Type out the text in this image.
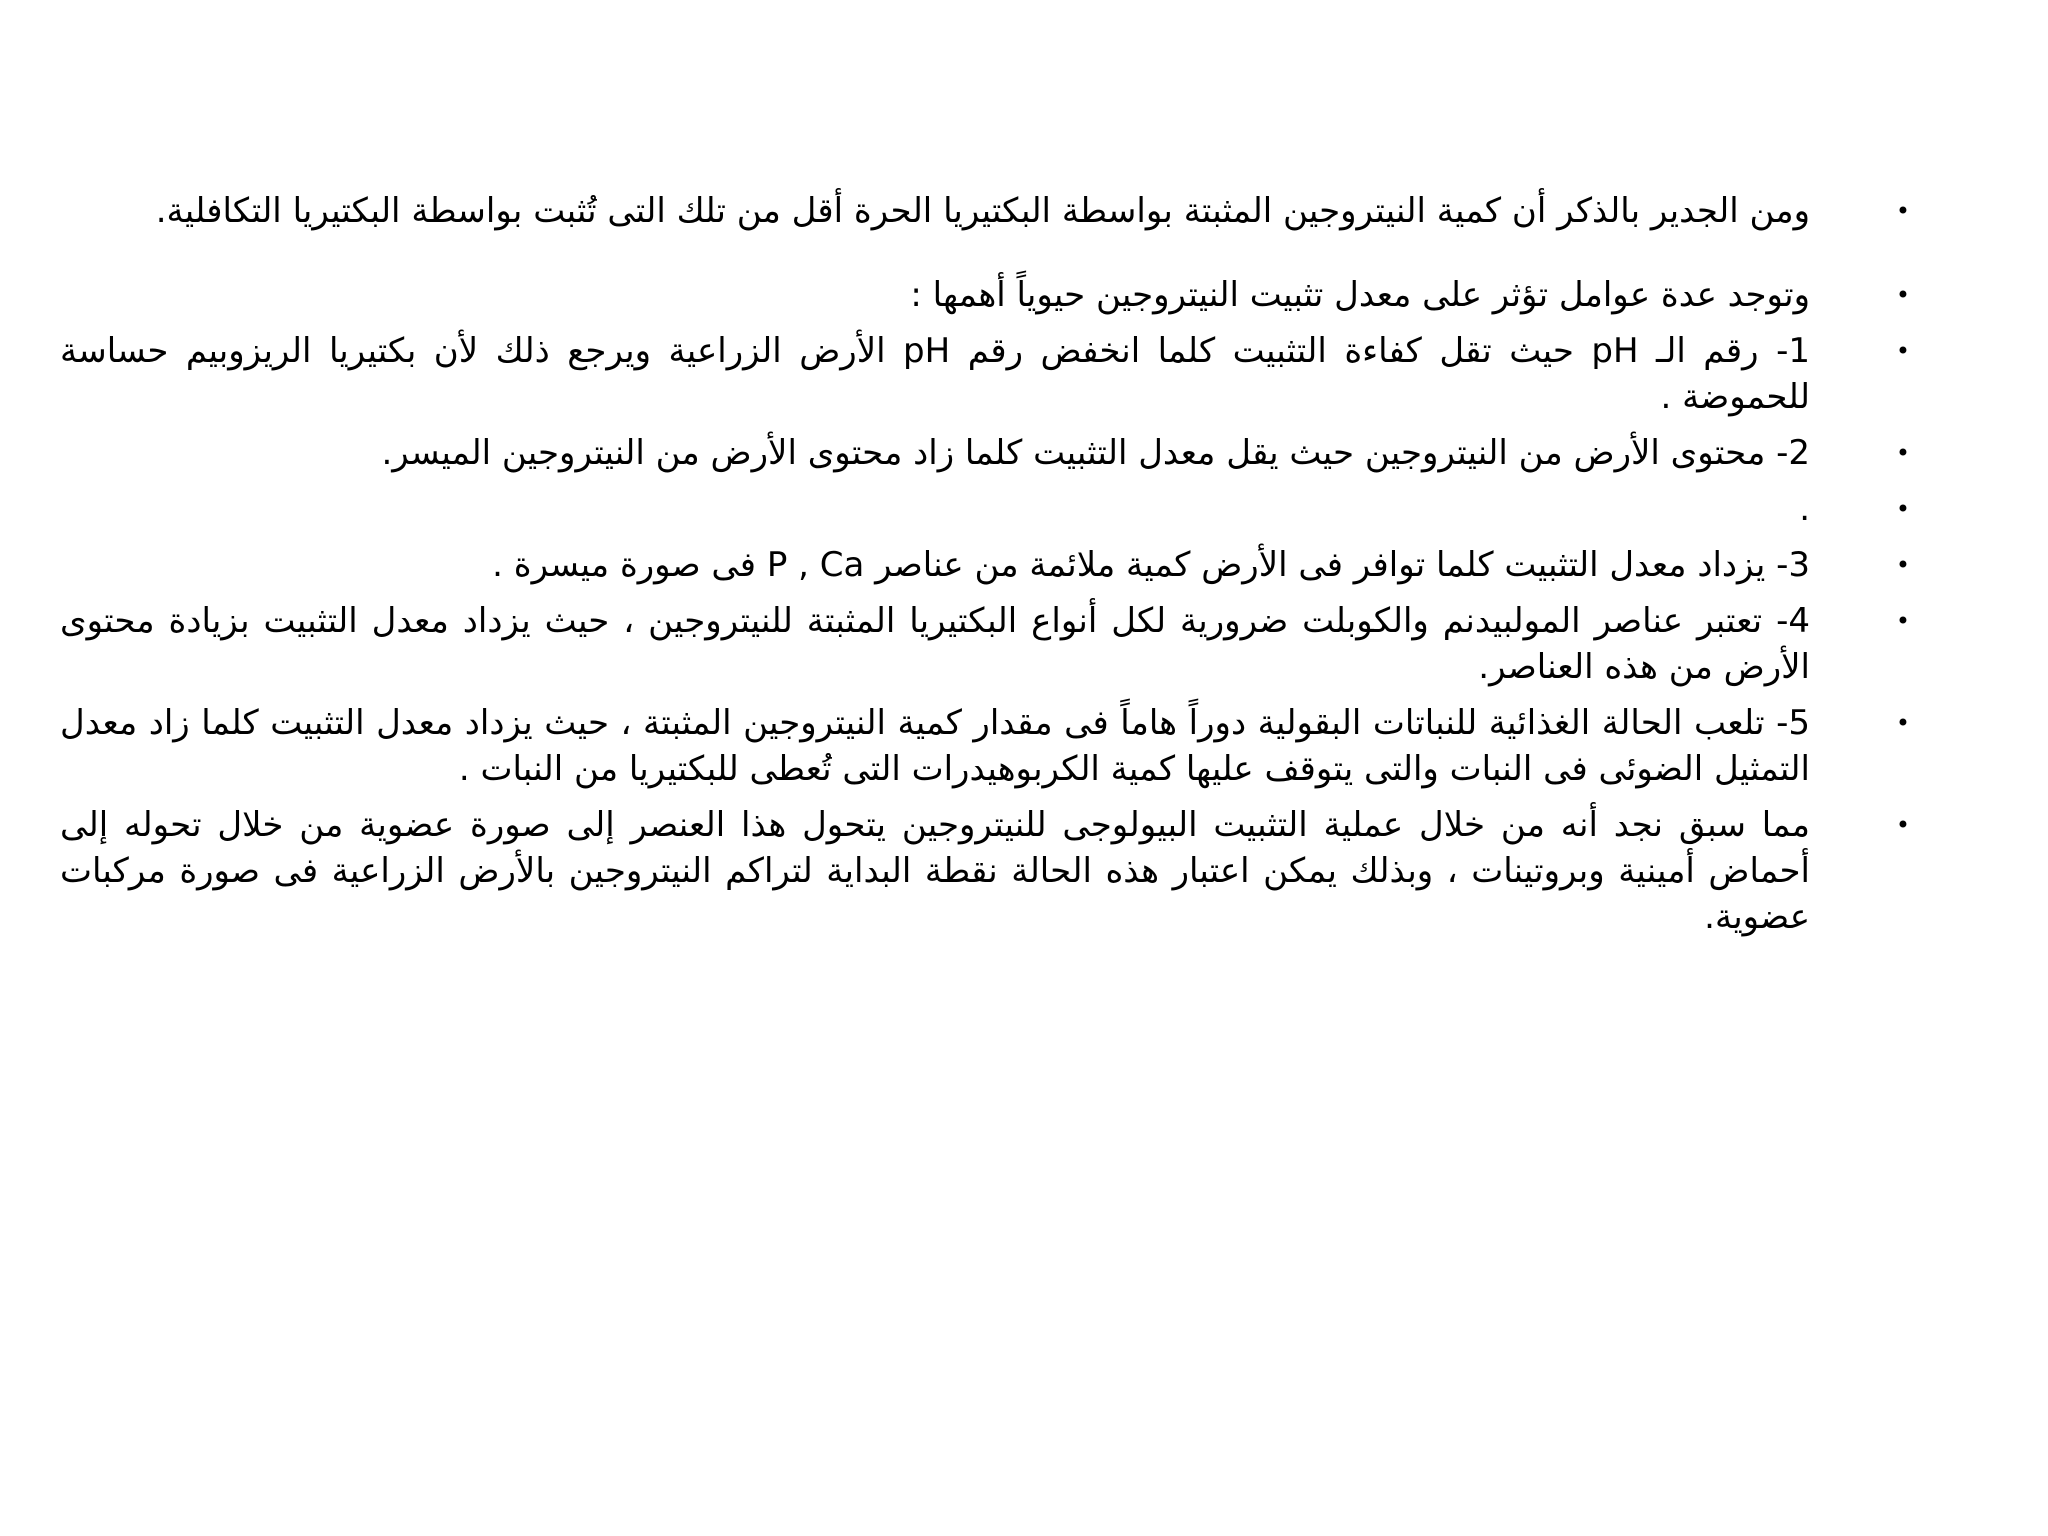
•
ومن الجدير بالذكر أن كمية النيتروجين المثبتة بواسطة البكتيريا الحرة أقل من تلك التى تُثبت بواسطة البكتيريا التكافلية.
•
وتوجد عدة عوامل تؤثر على معدل تثبيت النيتروجين حيوياً أهمها :
•
1- رقم الـ pH حيث تقل كفاءة التثبيت كلما انخفض رقم pH الأرض الزراعية ويرجع ذلك لأن بكتيريا الريزوبيم حساسة للحموضة .
•
2- محتوى الأرض من النيتروجين حيث يقل معدل التثبيت كلما زاد محتوى الأرض من النيتروجين الميسر.
•
.
•
3- يزداد معدل التثبيت كلما توافر فى الأرض كمية ملائمة من عناصر P , Ca فى صورة ميسرة .
•
4- تعتبر عناصر المولبيدنم والكوبلت ضرورية لكل أنواع البكتيريا المثبتة للنيتروجين ، حيث يزداد معدل التثبيت بزيادة محتوى الأرض من هذه العناصر.
•
5- تلعب الحالة الغذائية للنباتات البقولية دوراً هاماً فى مقدار كمية النيتروجين المثبتة ، حيث يزداد معدل التثبيت كلما زاد معدل التمثيل الضوئى فى النبات والتى يتوقف عليها كمية الكربوهيدرات التى تُعطى للبكتيريا من النبات .
•
مما سبق نجد أنه من خلال عملية التثبيت البيولوجى للنيتروجين يتحول هذا العنصر إلى صورة عضوية من خلال تحوله إلى أحماض أمينية وبروتينات ، وبذلك يمكن اعتبار هذه الحالة نقطة البداية لتراكم النيتروجين بالأرض الزراعية فى صورة مركبات عضوية.
